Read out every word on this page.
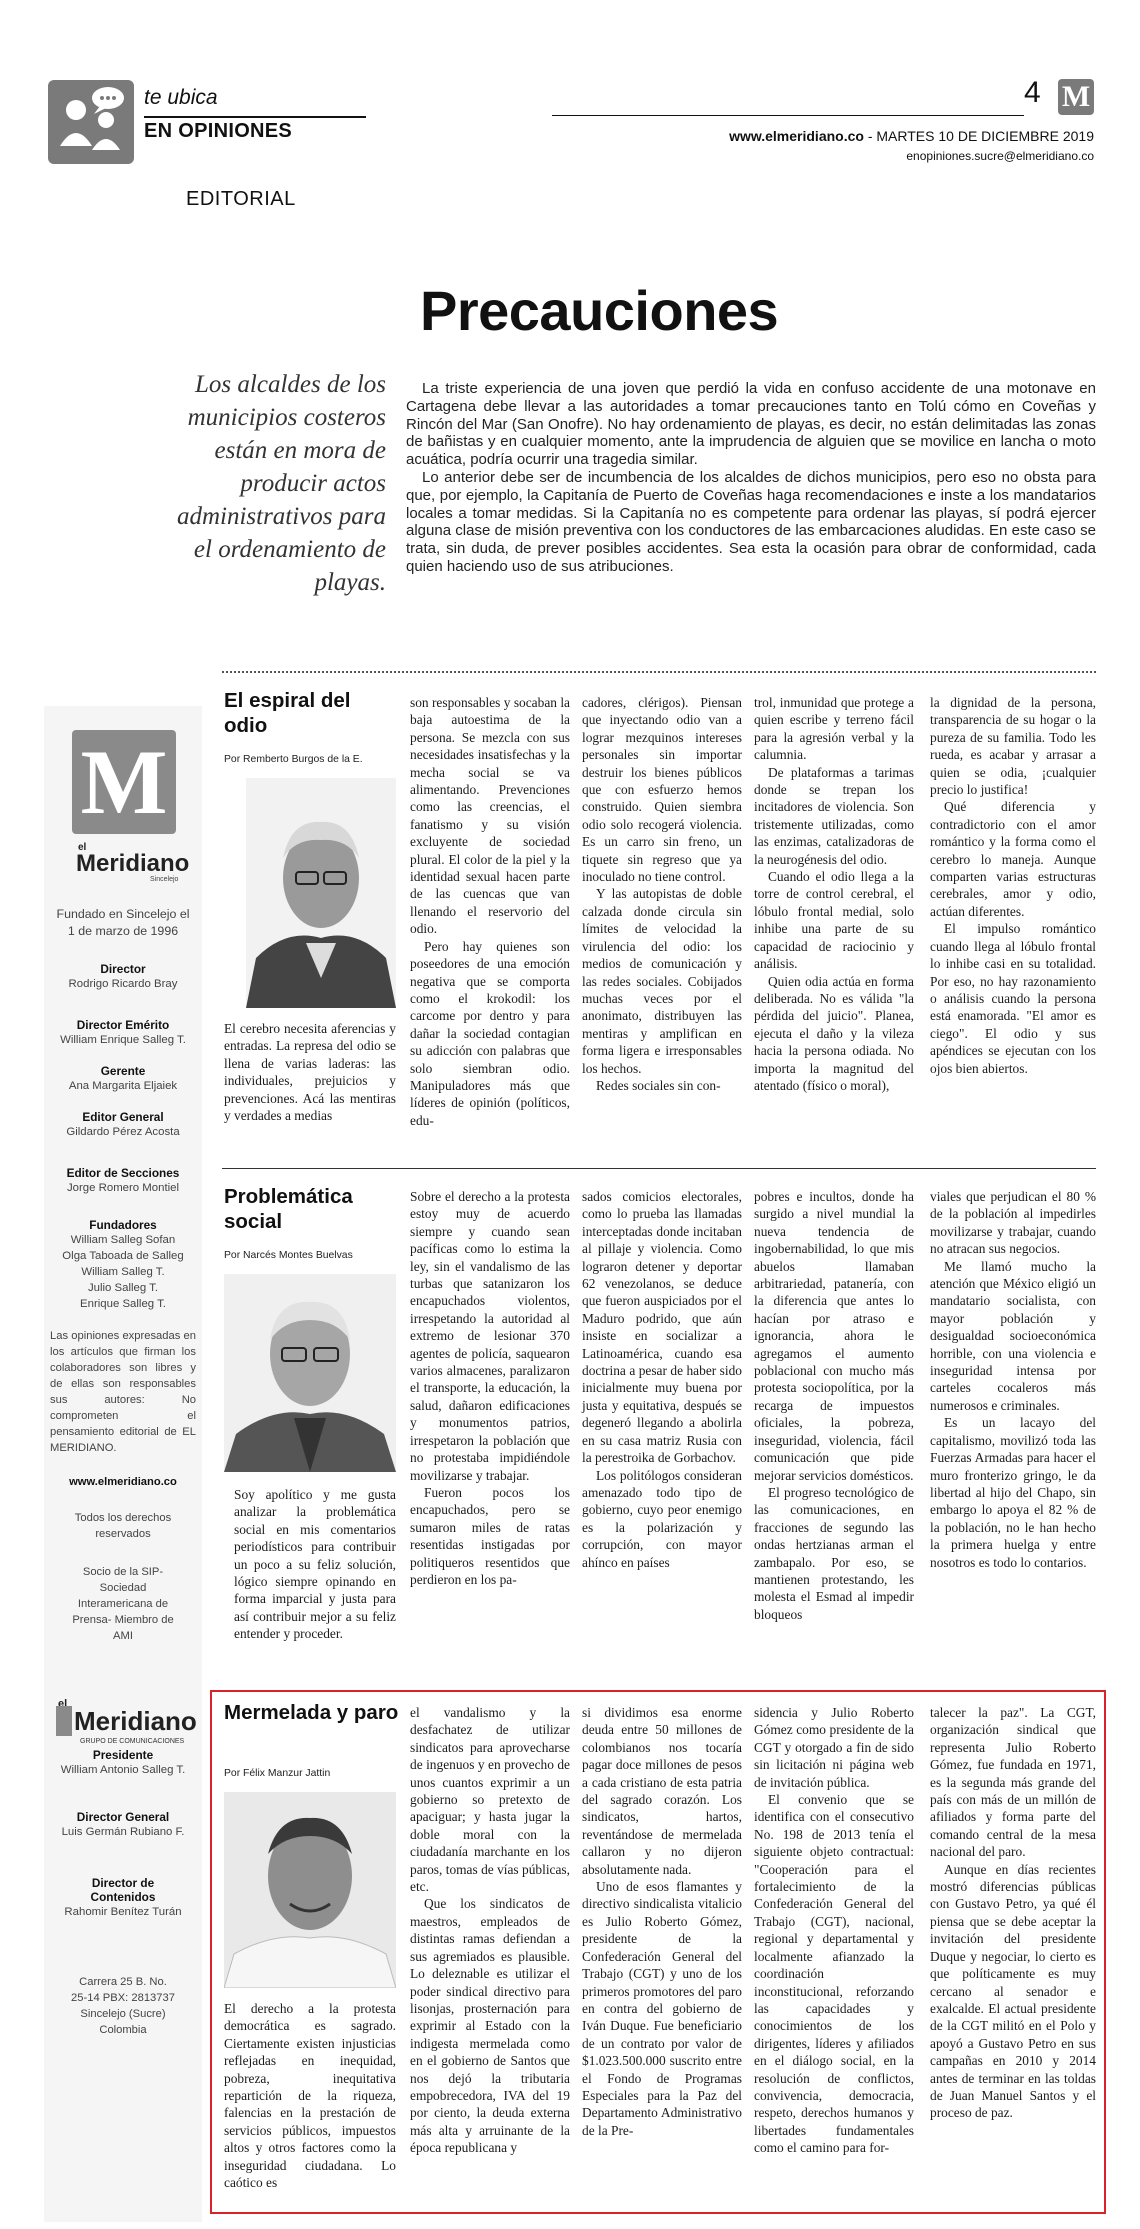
te ubica
EN OPINIONES
4 M
www.elmeridiano.co - MARTES 10 DE DICIEMBRE 2019
enopiniones.sucre@elmeridiano.co
EDITORIAL
Precauciones
Los alcaldes de los municipios costeros están en mora de producir actos administrativos para el ordenamiento de playas.

La triste experiencia de una joven que perdió la vida en confuso accidente de una motonave en Cartagena debe llevar a las autoridades a tomar precauciones tanto en Tolú cómo en Coveñas y Rincón del Mar (San Onofre). No hay ordenamiento de playas, es decir, no están delimitadas las zonas de bañistas y en cualquier momento, ante la imprudencia de alguien que se movilice en lancha o moto acuática, podría ocurrir una tragedia similar.

Lo anterior debe ser de incumbencia de los alcaldes de dichos municipios, pero eso no obsta para que, por ejemplo, la Capitanía de Puerto de Coveñas haga recomendaciones e inste a los mandatarios locales a tomar medidas. Si la Capitanía no es competente para ordenar las playas, sí podrá ejercer alguna clase de misión preventiva con los conductores de las embarcaciones aludidas. En este caso se trata, sin duda, de prever posibles accidentes. Sea esta la ocasión para obrar de conformidad, cada quien haciendo uso de sus atribuciones.

M
el
Meridiano
Sincelejo
Fundado en Sincelejo el 1 de marzo de 1996
Director
Rodrigo Ricardo Bray
Director Emérito
William Enrique Salleg T.
Gerente
Ana Margarita Eljaiek
Editor General
Gildardo Pérez Acosta
Editor de Secciones
Jorge Romero Montiel
Fundadores
William Salleg Sofan
Olga Taboada de Salleg
William Salleg T.
Julio Salleg T.
Enrique Salleg T.
Las opiniones expresadas en los artículos que firman los colaboradores son libres y de ellas son responsables sus autores: No comprometen el pensamiento editorial de EL MERIDIANO.
www.elmeridiano.co
Todos los derechos reservados
Socio de la SIP- Sociedad Interamericana de Prensa- Miembro de AMI
el
Meridiano
GRUPO DE COMUNICACIONES
Presidente
William Antonio Salleg T.
Director General
Luis Germán Rubiano F.
Director de Contenidos
Rahomir Benítez Turán
Carrera 25 B. No. 25-14 PBX: 2813737 Sincelejo (Sucre) Colombia
El espiral del odio
Por Remberto Burgos de la E.

El cerebro necesita aferencias y entradas. La represa del odio se llena de varias laderas: las individuales, prejuicios y prevenciones. Acá las mentiras y verdades a medias

son responsables y socaban la baja autoestima de la persona. Se mezcla con sus necesidades insatisfechas y la mecha social se va alimentando. Prevenciones como las creencias, el fanatismo y su visión excluyente de sociedad plural. El color de la piel y la identidad sexual hacen parte de las cuencas que van llenando el reservorio del odio.

Pero hay quienes son poseedores de una emoción negativa que se comporta como el krokodil: los carcome por dentro y para dañar la sociedad contagian su adicción con palabras que solo siembran odio. Manipuladores más que líderes de opinión (políticos, edu-

cadores, clérigos). Piensan que inyectando odio van a lograr mezquinos intereses personales sin importar destruir los bienes públicos que con esfuerzo hemos construido. Quien siembra odio solo recogerá violencia. Es un carro sin freno, un tiquete sin regreso que ya inoculado no tiene control.

Y las autopistas de doble calzada donde circula sin límites de velocidad la virulencia del odio: los medios de comunicación y las redes sociales. Cobijados muchas veces por el anonimato, distribuyen las mentiras y amplifican en forma ligera e irresponsables los hechos.

Redes sociales sin con-

trol, inmunidad que protege a quien escribe y terreno fácil para la agresión verbal y la calumnia.

De plataformas a tarimas donde se trepan los incitadores de violencia. Son tristemente utilizadas, como las enzimas, catalizadoras de la neurogénesis del odio.

Cuando el odio llega a la torre de control cerebral, el lóbulo frontal medial, solo inhibe una parte de su capacidad de raciocinio y análisis.

Quien odia actúa en forma deliberada. No es válida "la pérdida del juicio". Planea, ejecuta el daño y la vileza hacia la persona odiada. No importa la magnitud del atentado (físico o moral),

la dignidad de la persona, transparencia de su hogar o la pureza de su familia. Todo les rueda, es acabar y arrasar a quien se odia, ¡cualquier precio lo justifica!

Qué diferencia y contradictorio con el amor romántico y la forma como el cerebro lo maneja. Aunque comparten varias estructuras cerebrales, amor y odio, actúan diferentes.

El impulso romántico cuando llega al lóbulo frontal lo inhibe casi en su totalidad. Por eso, no hay razonamiento o análisis cuando la persona está enamorada. "El amor es ciego". El odio y sus apéndices se ejecutan con los ojos bien abiertos.

Problemática social
Por Narcés Montes Buelvas

Soy apolítico y me gusta analizar la problemática social en mis comentarios periodísticos para contribuir un poco a su feliz solución, lógico siempre opinando en forma imparcial y justa para así contribuir mejor a su feliz entender y proceder.

Sobre el derecho a la protesta estoy muy de acuerdo siempre y cuando sean pacíficas como lo estima la ley, sin el vandalismo de las turbas que satanizaron los encapuchados violentos, irrespetando la autoridad al extremo de lesionar 370 agentes de policía, saquearon varios almacenes, paralizaron el transporte, la educación, la salud, dañaron edificaciones y monumentos patrios, irrespetaron la población que no protestaba impidiéndole movilizarse y trabajar.

Fueron pocos los encapuchados, pero se sumaron miles de ratas resentidas instigadas por politiqueros resentidos que perdieron en los pa-

sados comicios electorales, como lo prueba las llamadas interceptadas donde incitaban al pillaje y violencia. Como lograron detener y deportar 62 venezolanos, se deduce que fueron auspiciados por el Maduro podrido, que aún insiste en socializar a Latinoamérica, cuando esa doctrina a pesar de haber sido inicialmente muy buena por justa y equitativa, después se degeneró llegando a abolirla en su casa matriz Rusia con la perestroika de Gorbachov.

Los politólogos consideran amenazado todo tipo de gobierno, cuyo peor enemigo es la polarización y corrupción, con mayor ahínco en países

pobres e incultos, donde ha surgido a nivel mundial la nueva tendencia de ingobernabilidad, lo que mis abuelos llamaban arbitrariedad, patanería, con la diferencia que antes lo hacían por atraso e ignorancia, ahora le agregamos el aumento poblacional con mucho más protesta sociopolítica, por la recarga de impuestos oficiales, la pobreza, inseguridad, violencia, fácil comunicación que pide mejorar servicios domésticos.

El progreso tecnológico de las comunicaciones, en fracciones de segundo las ondas hertzianas arman el zambapalo. Por eso, se mantienen protestando, les molesta el Esmad al impedir bloqueos

viales que perjudican el 80 % de la población al impedirles movilizarse y trabajar, cuando no atracan sus negocios.

Me llamó mucho la atención que México eligió un mandatario socialista, con mayor población y desigualdad socioeconómica horrible, con una violencia e inseguridad intensa por carteles cocaleros más numerosos e criminales.

Es un lacayo del capitalismo, movilizó toda las Fuerzas Armadas para hacer el muro fronterizo gringo, le da libertad al hijo del Chapo, sin embargo lo apoya el 82 % de la población, no le han hecho la primera huelga y entre nosotros es todo lo contarios.

Mermelada y paro
Por Félix Manzur Jattin

El derecho a la protesta democrática es sagrado. Ciertamente existen injusticias reflejadas en inequidad, pobreza, inequitativa repartición de la riqueza, falencias en la prestación de servicios públicos, impuestos altos y otros factores como la inseguridad ciudadana. Lo caótico es

el vandalismo y la desfachatez de utilizar sindicatos para aprovecharse de ingenuos y en provecho de unos cuantos exprimir a un gobierno so pretexto de apaciguar; y hasta jugar la doble moral con la ciudadanía marchante en los paros, tomas de vías públicas, etc.

Que los sindicatos de maestros, empleados de distintas ramas defiendan a sus agremiados es plausible. Lo deleznable es utilizar el poder sindical directivo para lisonjas, prosternación para exprimir al Estado con la indigesta mermelada como en el gobierno de Santos que nos dejó la tributaria empobrecedora, IVA del 19 por ciento, la deuda externa más alta y arruinante de la época republicana y

si dividimos esa enorme deuda entre 50 millones de colombianos nos tocaría pagar doce millones de pesos a cada cristiano de esta patria del sagrado corazón. Los sindicatos, hartos, reventándose de mermelada callaron y no dijeron absolutamente nada.

Uno de esos flamantes y directivo sindicalista vitalicio es Julio Roberto Gómez, presidente de la Confederación General del Trabajo (CGT) y uno de los primeros promotores del paro en contra del gobierno de Iván Duque. Fue beneficiario de un contrato por valor de $1.023.500.000 suscrito entre el Fondo de Programas Especiales para la Paz del Departamento Administrativo de la Pre-

sidencia y Julio Roberto Gómez como presidente de la CGT y otorgado a fin de sido sin licitación ni página web de invitación pública.

El convenio que se identifica con el consecutivo No. 198 de 2013 tenía el siguiente objeto contractual: "Cooperación para el fortalecimiento de la Confederación General del Trabajo (CGT), nacional, regional y departamental y localmente afianzado la coordinación inconstitucional, reforzando las capacidades y conocimientos de los dirigentes, líderes y afiliados en el diálogo social, en la resolución de conflictos, convivencia, democracia, respeto, derechos humanos y libertades fundamentales como el camino para for-

talecer la paz". La CGT, organización sindical que representa Julio Roberto Gómez, fue fundada en 1971, es la segunda más grande del país con más de un millón de afiliados y forma parte del comando central de la mesa nacional del paro.

Aunque en días recientes mostró diferencias públicas con Gustavo Petro, ya qué él piensa que se debe aceptar la invitación del presidente Duque y negociar, lo cierto es que políticamente es muy cercano al senador e exalcalde. El actual presidente de la CGT militó en el Polo y apoyó a Gustavo Petro en sus campañas en 2010 y 2014 antes de terminar en las toldas de Juan Manuel Santos y el proceso de paz.
